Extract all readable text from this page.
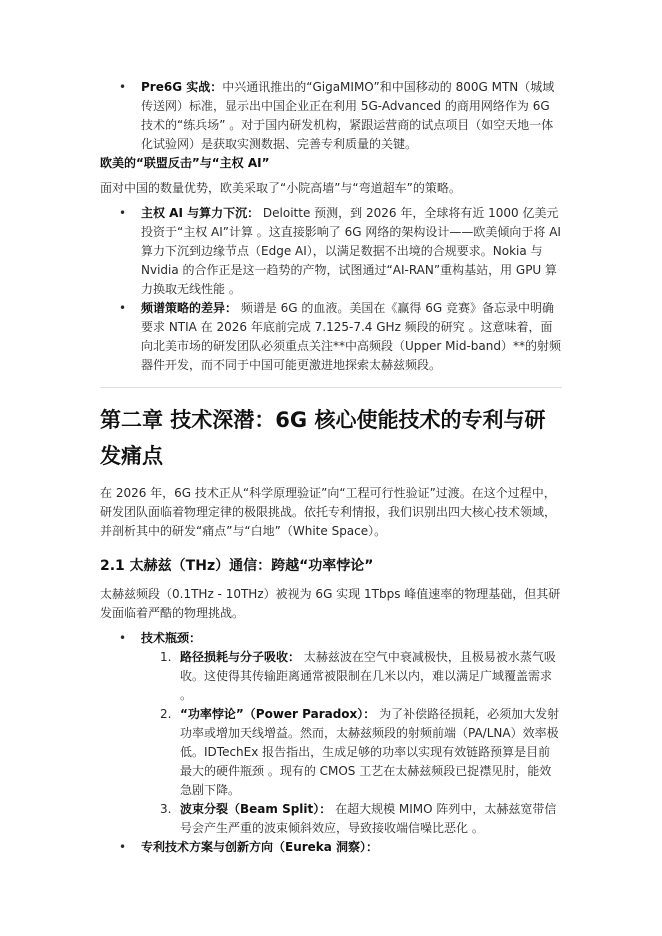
• Pre6G 实战：中兴通讯推出的“GigaMIMO”和中国移动的 800G MTN（城域传送网）标准，显示出中国企业正在利用 5G-Advanced 的商用网络作为 6G 技术的“练兵场” 。对于国内研发机构，紧跟运营商的试点项目（如空天地一体化试验网）是获取实测数据、完善专利质量的关键。

欧美的“联盟反击”与“主权 AI”

面对中国的数量优势，欧美采取了“小院高墙”与“弯道超车”的策略。

• 主权 AI 与算力下沉： Deloitte 预测，到 2026 年，全球将有近 1000 亿美元投资于“主权 AI”计算 。这直接影响了 6G 网络的架构设计——欧美倾向于将 AI 算力下沉到边缘节点（Edge AI），以满足数据不出境的合规要求。Nokia 与 Nvidia 的合作正是这一趋势的产物，试图通过“AI-RAN”重构基站，用 GPU 算力换取无线性能 。
• 频谱策略的差异： 频谱是 6G 的血液。美国在《赢得 6G 竞赛》备忘录中明确要求 NTIA 在 2026 年底前完成 7.125-7.4 GHz 频段的研究 。这意味着，面向北美市场的研发团队必须重点关注**中高频段（Upper Mid-band）**的射频器件开发，而不同于中国可能更激进地探索太赫兹频段。
第二章 技术深潜：6G 核心使能技术的专利与研发痛点

在 2026 年，6G 技术正从“科学原理验证”向“工程可行性验证”过渡。在这个过程中，研发团队面临着物理定律的极限挑战。依托专利情报，我们识别出四大核心技术领域，并剖析其中的研发“痛点”与“白地”（White Space）。

2.1 太赫兹（THz）通信：跨越“功率悖论”

太赫兹频段（0.1THz - 10THz）被视为 6G 实现 1Tbps 峰值速率的物理基础，但其研发面临着严酷的物理挑战。

• 技术瓶颈：
1. 路径损耗与分子吸收： 太赫兹波在空气中衰减极快，且极易被水蒸气吸收。这使得其传输距离通常被限制在几米以内，难以满足广域覆盖需求 。
2. “功率悖论”（Power Paradox）： 为了补偿路径损耗，必须加大发射功率或增加天线增益。然而，太赫兹频段的射频前端（PA/LNA）效率极低。IDTechEx 报告指出，生成足够的功率以实现有效链路预算是目前最大的硬件瓶颈 。现有的 CMOS 工艺在太赫兹频段已捉襟见肘，能效急剧下降。
3. 波束分裂（Beam Split）： 在超大规模 MIMO 阵列中，太赫兹宽带信号会产生严重的波束倾斜效应，导致接收端信噪比恶化 。
• 专利技术方案与创新方向（Eureka 洞察）：
